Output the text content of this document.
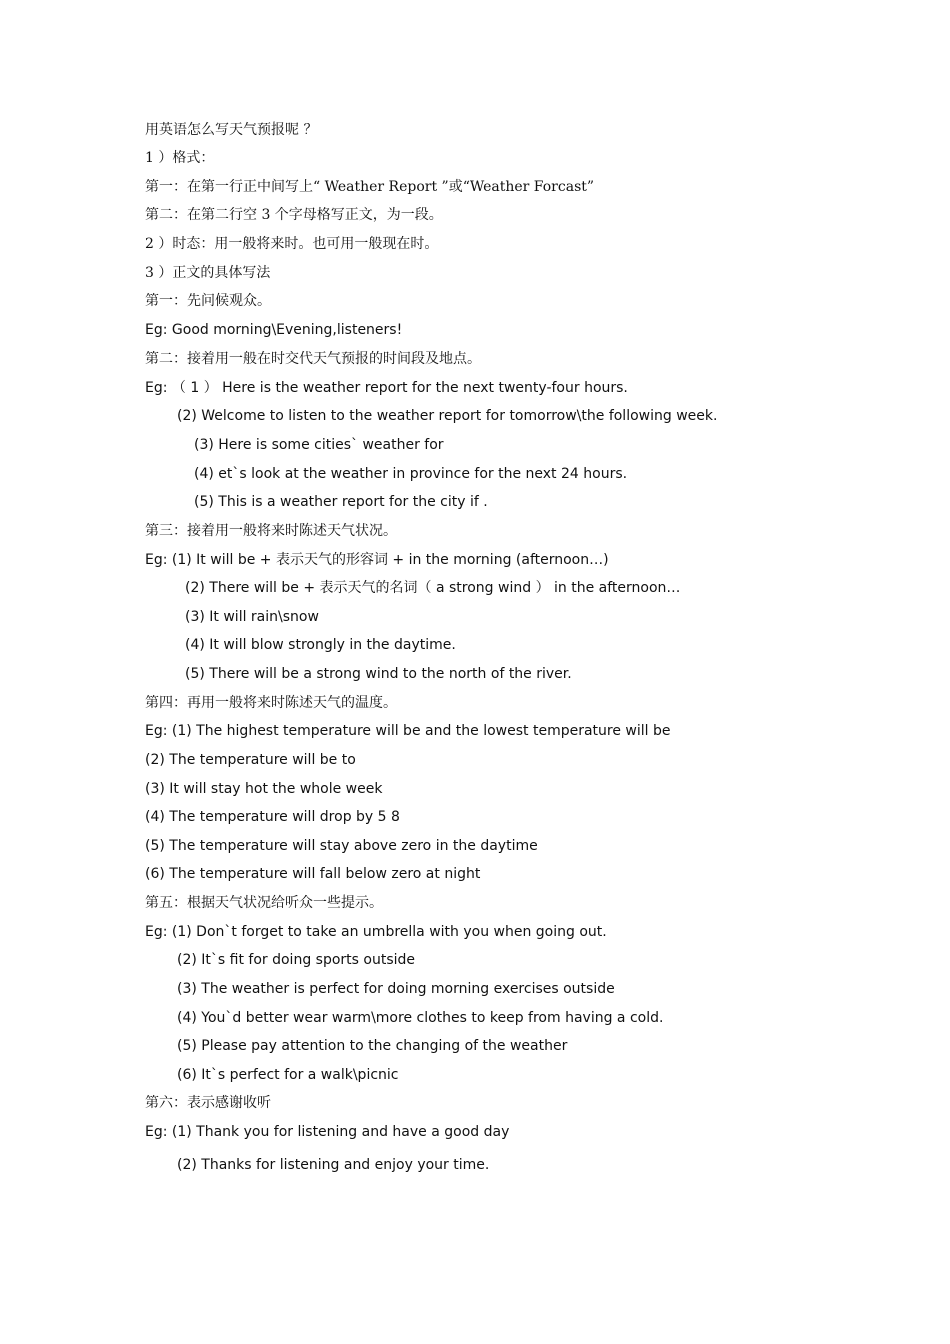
用英语怎么写天气预报呢 ？
1 ）格式：
第一：在第一行正中间写上“ Weather Report ”或“Weather Forcast”
第二：在第二行空 3 个字母格写正文，为一段。
2 ）时态：用一般将来时。也可用一般现在时。
3 ）正文的具体写法
第一：先问候观众。
Eg: Good morning\Evening,listeners!
第二：接着用一般在时交代天气预报的时间段及地点。
Eg: （ 1 ） Here is the weather report for the next twenty-four hours.
(2) Welcome to listen to the weather report for tomorrow\the following week.
(3) Here is some cities` weather for
(4) et`s look at the weather in province for the next 24 hours.
(5) This is a weather report for the city if .
第三：接着用一般将来时陈述天气状况。
Eg: (1) It will be + 表示天气的形容词 + in the morning (afternoon…)
(2) There will be + 表示天气的名词（ a strong wind ） in the afternoon…
(3) It will rain\snow
(4) It will blow strongly in the daytime.
(5) There will be a strong wind to the north of the river.
第四：再用一般将来时陈述天气的温度。
Eg: (1) The highest temperature will be and the lowest temperature will be
(2) The temperature will be to
(3) It will stay hot the whole week
(4) The temperature will drop by 5 8
(5) The temperature will stay above zero in the daytime
(6) The temperature will fall below zero at night
第五：根据天气状况给听众一些提示。
Eg: (1) Don`t forget to take an umbrella with you when going out.
(2) It`s fit for doing sports outside
(3) The weather is perfect for doing morning exercises outside
(4) You`d better wear warm\more clothes to keep from having a cold.
(5) Please pay attention to the changing of the weather
(6) It`s perfect for a walk\picnic
第六：表示感谢收听
Eg: (1) Thank you for listening and have a good day
(2) Thanks for listening and enjoy your time.
